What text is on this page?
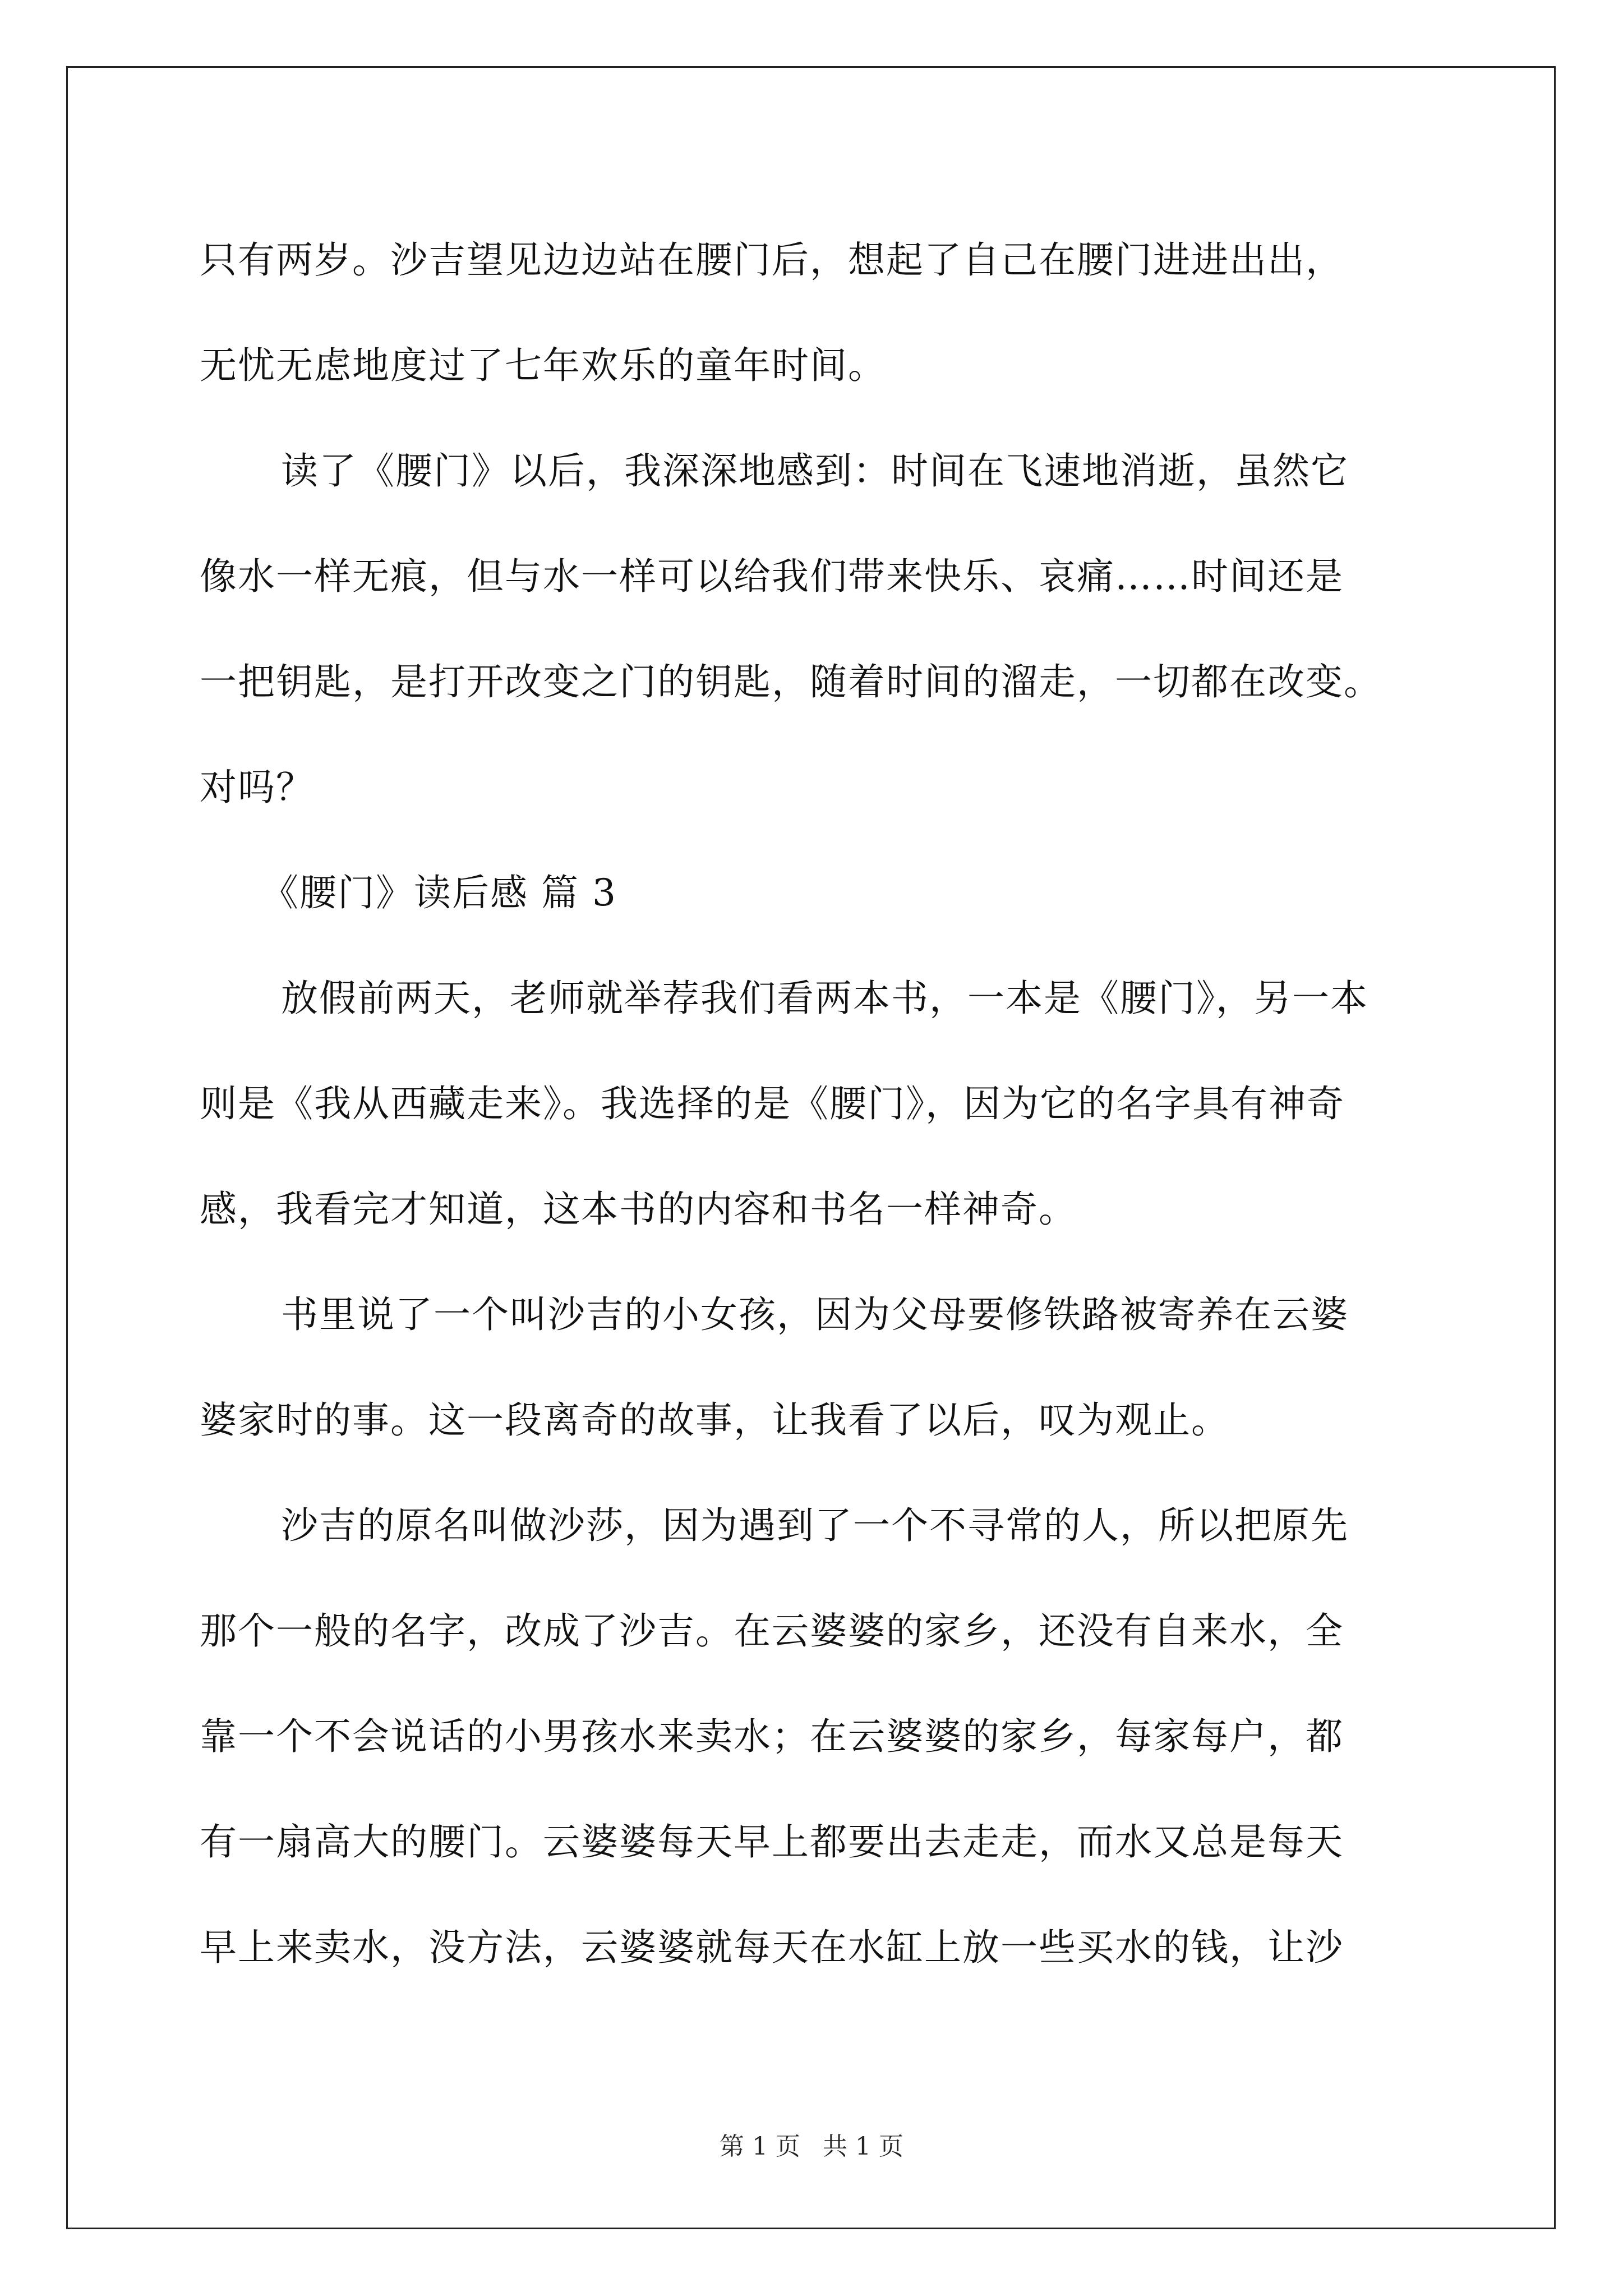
只有两岁。沙吉望见边边站在腰门后，想起了自己在腰门进进出出，
无忧无虑地度过了七年欢乐的童年时间。
读了《腰门》以后，我深深地感到：时间在飞速地消逝，虽然它
像水一样无痕，但与水一样可以给我们带来快乐、哀痛……时间还是
一把钥匙，是打开改变之门的钥匙，随着时间的溜走，一切都在改变。
对吗？
《腰门》读后感 篇 3
放假前两天，老师就举荐我们看两本书，一本是《腰门》，另一本
则是《我从西藏走来》。我选择的是《腰门》，因为它的名字具有神奇
感，我看完才知道，这本书的内容和书名一样神奇。
书里说了一个叫沙吉的小女孩，因为父母要修铁路被寄养在云婆
婆家时的事。这一段离奇的故事，让我看了以后，叹为观止。
沙吉的原名叫做沙莎，因为遇到了一个不寻常的人，所以把原先
那个一般的名字，改成了沙吉。在云婆婆的家乡，还没有自来水，全
靠一个不会说话的小男孩水来卖水；在云婆婆的家乡，每家每户，都
有一扇高大的腰门。云婆婆每天早上都要出去走走，而水又总是每天
早上来卖水，没方法，云婆婆就每天在水缸上放一些买水的钱，让沙
第 1 页 共 1 页
